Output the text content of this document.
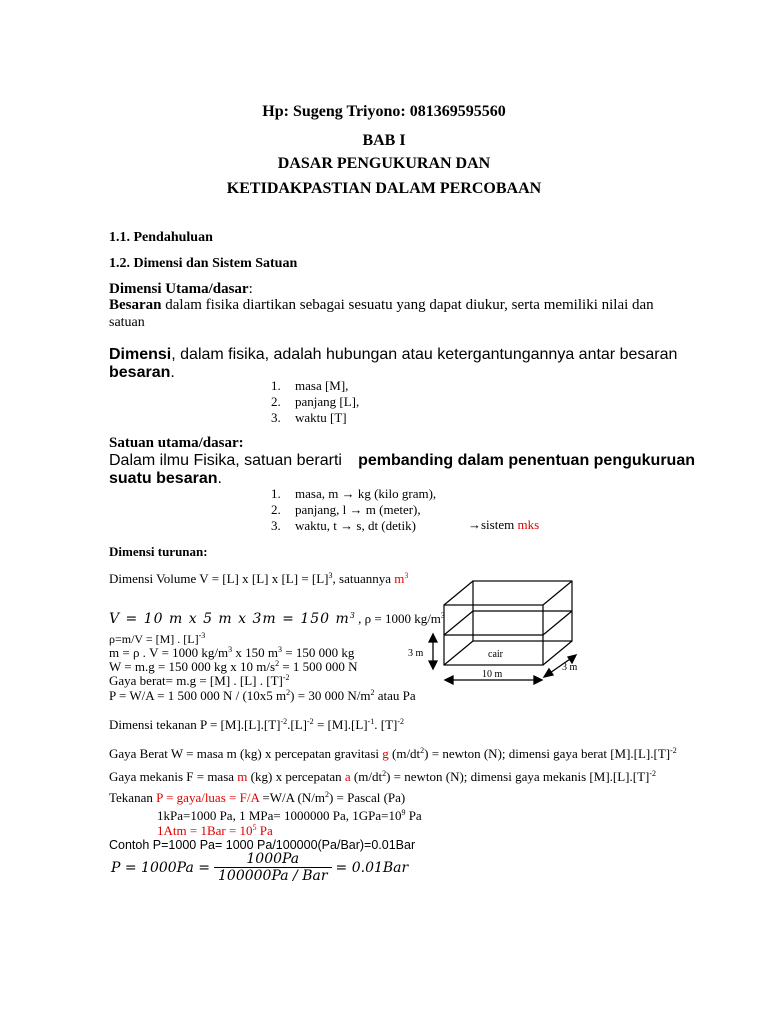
Hp: Sugeng Triyono: 081369595560
BAB I
DASAR PENGUKURAN DAN
KETIDAKPASTIAN DALAM PERCOBAAN
1.1. Pendahuluan
1.2. Dimensi dan Sistem Satuan
Dimensi Utama/dasar:
Besaran dalam fisika diartikan sebagai sesuatu yang dapat diukur, serta memiliki nilai dan
satuan
Dimensi, dalam fisika, adalah hubungan atau ketergantungannya antar besaran
besaran.
1. masa [M],
2. panjang [L],
3. waktu [T]
Satuan utama/dasar:
Dalam ilmu Fisika, satuan berarti pembanding dalam penentuan pengukuruan
suatu besaran.
1. masa, m → kg (kilo gram),
2. panjang, l → m (meter),
3. waktu, t → s, dt (detik)	→sistem mks
Dimensi turunan:
Dimensi Volume V = [L] x [L] x $[L] = [L]^3$, satuannya $m^3$
V = 10 m x 5 m x 3m = 150 $m^3$ , ρ = 1000 $kg/m^3$
ρ=m/V = [M] . $[L]^{-3}$
m = ρ . V = 1000 $kg/m^3$ x 150 $m^3 = 150$ 000 kg
W = m.g = 150 000 kg x 10 $m/s^2 = 1$ 500 000 N
Gaya berat= m.g = [M] . [L] . $[T]^{-2}$
P = W/A = 1 500 000 N / (10x5 $m^2) = 30$ 000 $N/m^2$ atau Pa
3 m	cair
10 m
3 m
Dimensi tekanan $P = [M].[L].[T]^{-2}.[L]^{-2} = [M].[L]^{-1}$. $[T]^{-2}$
Gaya Berat W = masa m (kg) x percepatan gravitasi g $(m/dt^2)$ = newton (N); dimensi gaya berat $[M].[L].[T]^{-2}$
Gaya mekanis F = masa m (kg) x percepatan a $(m/dt^2)$ = newton (N); dimensi gaya mekanis $[M].[L].[T]^{-2}$
Tekanan P = gaya/luas = F/A =W/A $(N/m^2)$ = Pascal (Pa)
1kPa=1000 Pa, 1 MPa= 1000000 Pa, $1GPa=10^9$ Pa
$1Atm = 1Bar = 10^5$ Pa
Contoh P=1000 Pa= 1000 Pa/100000(Pa/Bar)=0.01Bar
$P = 1000Pa = \frac{1000Pa}{\text{100000Pa / Bar}} = 0.01Bar$
